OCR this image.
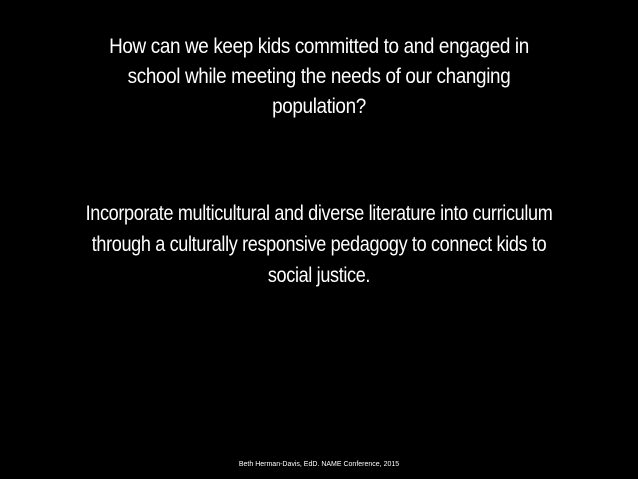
How can we keep kids committed to and engaged in school while meeting the needs of our changing population?
Incorporate multicultural and diverse literature into curriculum through a culturally responsive pedagogy to connect kids to social justice.
Beth Herman-Davis, EdD. NAME Conference, 2015
